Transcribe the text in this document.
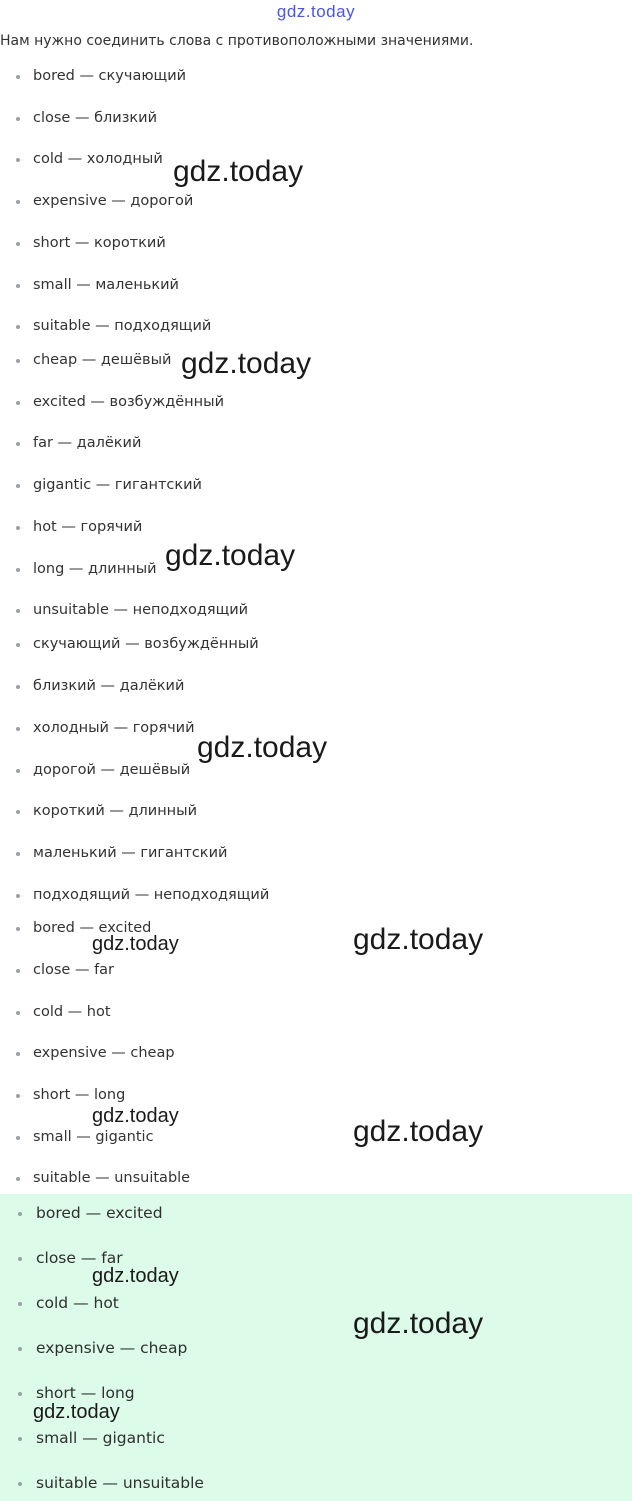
gdz.today
Нам нужно соединить слова с противоположными значениями.
bored — скучающий
close — близкий
cold — холодный
expensive — дорогой
short — короткий
small — маленький
suitable — подходящий
cheap — дешёвый
excited — возбуждённый
far — далёкий
gigantic — гигантский
hot — горячий
long — длинный
unsuitable — неподходящий
скучающий — возбуждённый
близкий — далёкий
холодный — горячий
дорогой — дешёвый
короткий — длинный
маленький — гигантский
подходящий — неподходящий
bored — excited
close — far
cold — hot
expensive — cheap
short — long
small — gigantic
suitable — unsuitable
bored — excited
close — far
cold — hot
expensive — cheap
short — long
small — gigantic
suitable — unsuitable
gdz.today
gdz.today
gdz.today
gdz.today
gdz.today
gdz.today
gdz.today
gdz.today
gdz.today
gdz.today
gdz.today
